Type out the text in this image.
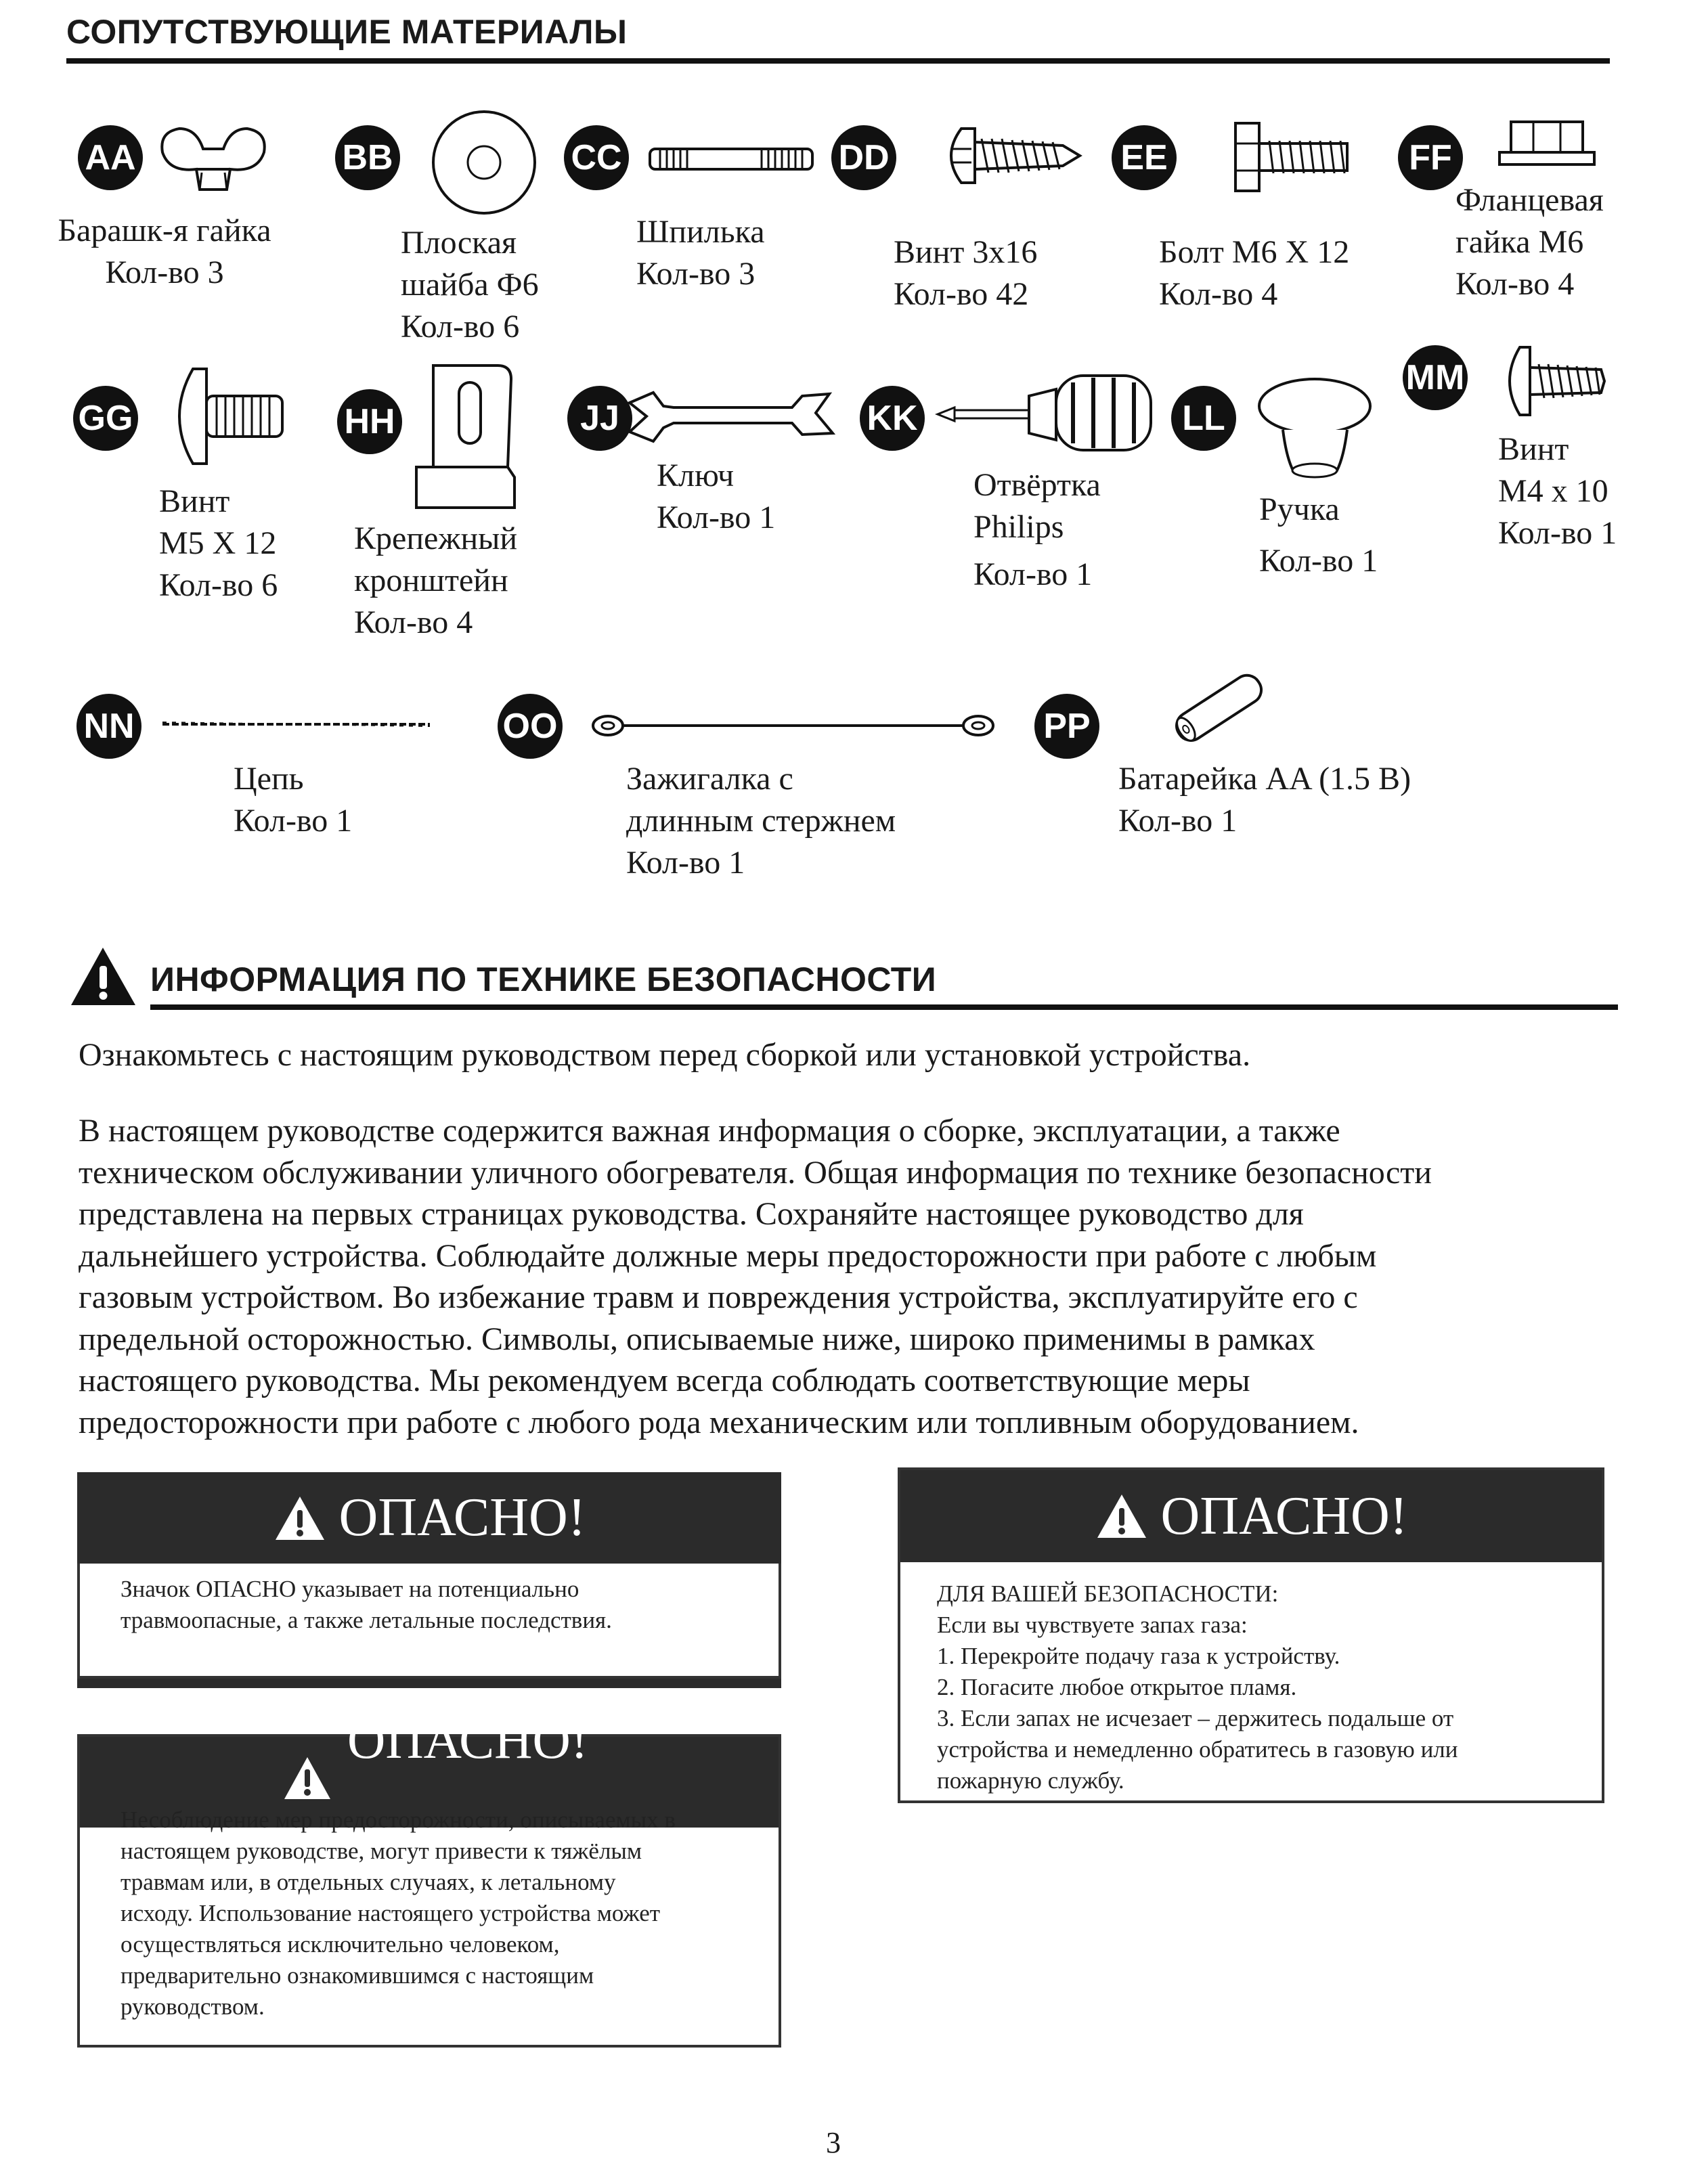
СОПУТСТВУЮЩИЕ МАТЕРИАЛЫ
AA
Барашк-я гайка
Кол-во 3
BB
Плоская
шайба Ф6
Кол-во 6
CC
Шпилька
Кол-во 3
DD
Винт 3x16
Кол-во 42
EE
Болт M6 X 12
Кол-во 4
FF
Фланцевая
гайка M6
Кол-во 4
GG
Винт
M5 X 12
Кол-во 6
HH
Крепежный
кронштейн
Кол-во 4
JJ
Ключ
Кол-во 1
KK
Отвёртка
Philips
Кол-во 1
LL
Ручка
Кол-во 1
MM
Винт
M4 x 10
Кол-во 1
NN
Цепь
Кол-во 1
OO
Зажигалка с
длинным стержнем
Кол-во 1
PP
Батарейка AA (1.5 В)
Кол-во 1
ИНФОРМАЦИЯ ПО ТЕХНИКЕ БЕЗОПАСНОСТИ
Ознакомьтесь с настоящим руководством перед сборкой или установкой устройства.
В настоящем руководстве содержится важная информация о сборке, эксплуатации, а также
техническом обслуживании уличного обогревателя. Общая информация по технике безопасности
представлена на первых страницах руководства. Сохраняйте настоящее руководство для
дальнейшего устройства. Соблюдайте должные меры предосторожности при работе с любым
газовым устройством. Во избежание травм и повреждения устройства, эксплуатируйте его с
предельной осторожностью. Символы, описываемые ниже, широко применимы в рамках
настоящего руководства. Мы рекомендуем всегда соблюдать соответствующие меры
предосторожности при работе с любого рода механическим или топливным оборудованием.
ОПАСНО!
Значок ОПАСНО указывает на потенциально
травмоопасные, а также летальные последствия.
ОПАСНО!
Несоблюдение мер предосторожности, описываемых в
настоящем руководстве, могут привести к тяжёлым
травмам или, в отдельных случаях, к летальному
исходу. Использование настоящего устройства может
осуществляться исключительно человеком,
предварительно ознакомившимся с настоящим
руководством.
ОПАСНО!
ДЛЯ ВАШЕЙ БЕЗОПАСНОСТИ:
Если вы чувствуете запах газа:
1. Перекройте подачу газа к устройству.
2. Погасите любое открытое пламя.
3. Если запах не исчезает – держитесь подальше от
устройства и немедленно обратитесь в газовую или
пожарную службу.
3
